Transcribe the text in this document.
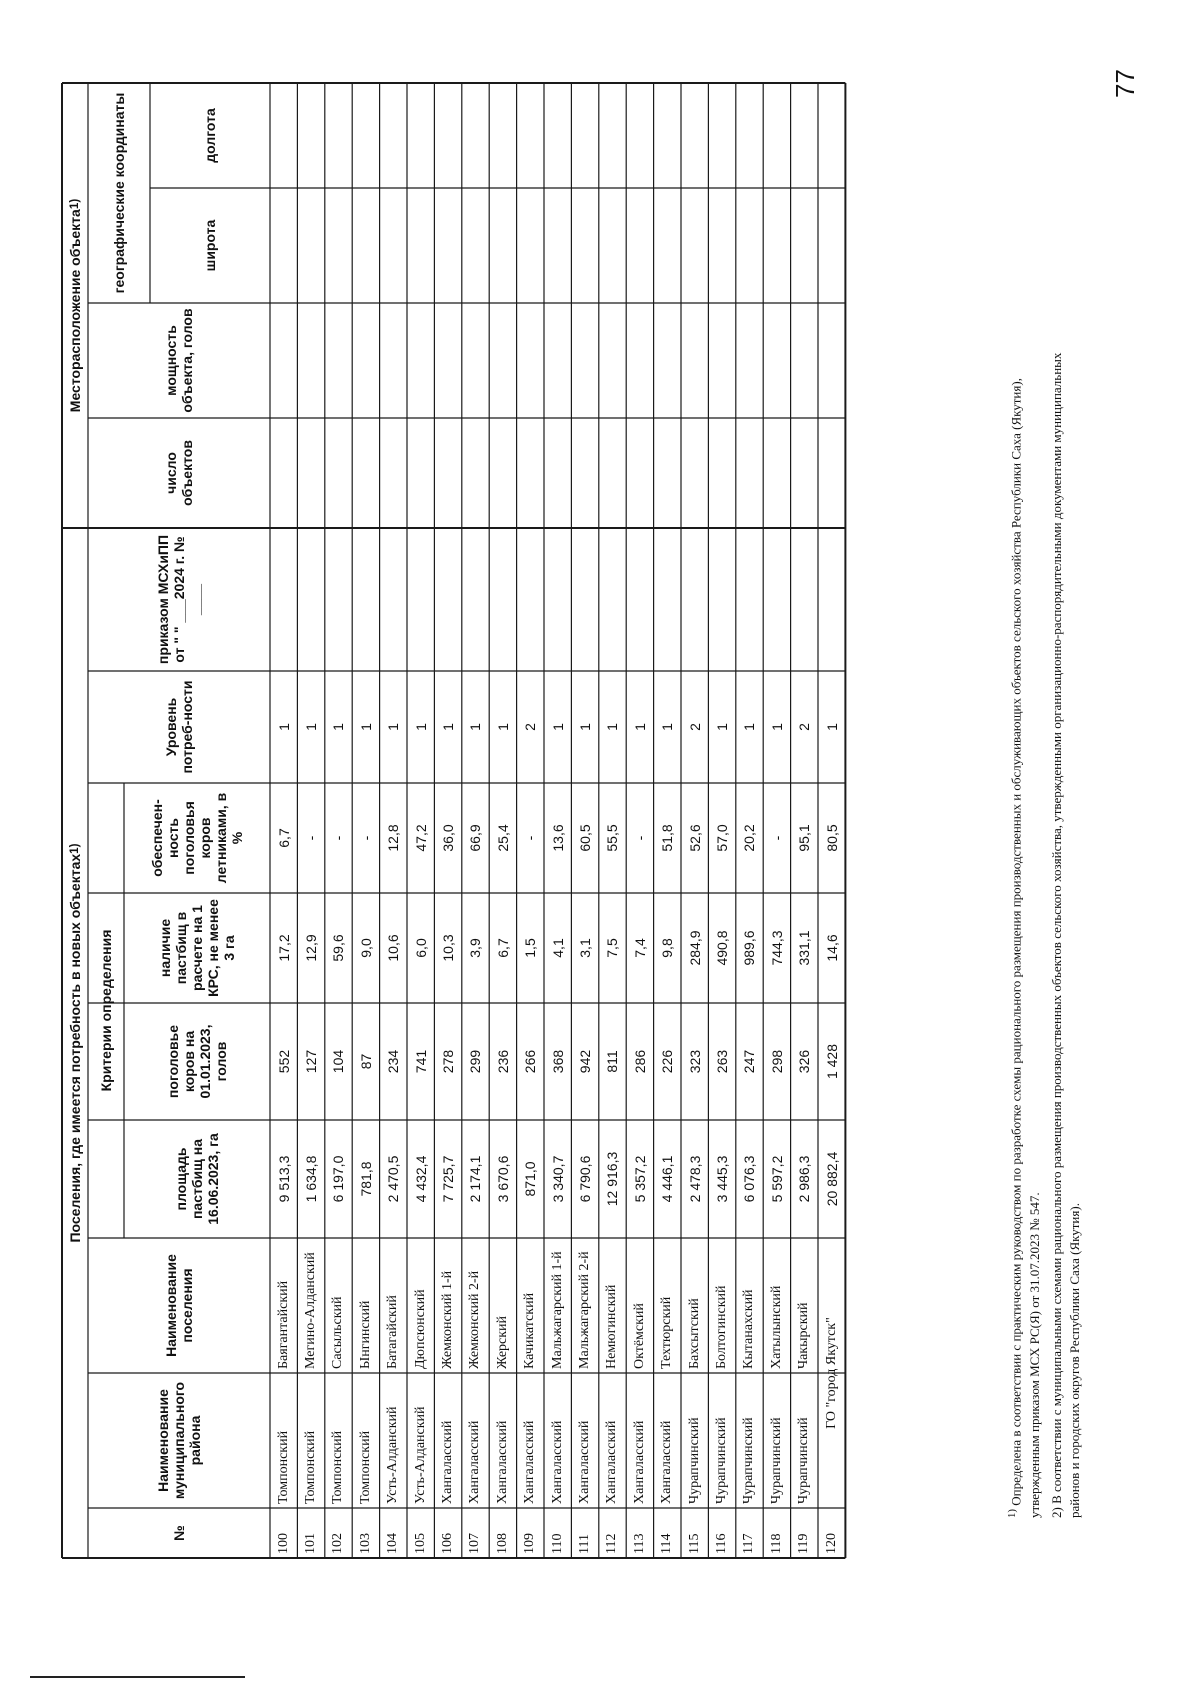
Поселения, где имеется потребность в новых объектах
1)
Месторасположение объекта
1)
№
Наименование муниципального района
Наименование поселения
Критерии определения
площадь пастбищ на 16.06.2023, га
поголовье коров на 01.01.2023, голов
наличие пастбищ в расчете на 1 КРС, не менее 3 га
обеспечен-ность поголовья коров летниками, в %
Уровень потреб-ности
приказом МСХиПП от " " ___2024 г. № ____
число объектов
мощность объекта, голов
географические координаты	широта
долгота
100
Томпонский
Баягантайский
9 513,3
552
17,2
6,7
1
101
Томпонский
Мегино-Алданский
1 634,8
127
12,9
-
1
102
Томпонский
Сасыльский
6 197,0
104
59,6
-
1
103
Томпонский
Ынгинский
781,8
87
9,0
-
1
104
Усть-Алданский
Батагайский
2 470,5
234
10,6
12,8
1
105
Усть-Алданский
Дюпсюнский
4 432,4
741
6,0
47,2
1
106
Хангаласский
Жемконский 1-й
7 725,7
278
10,3
36,0
1
107
Хангаласский
Жемконский 2-й
2 174,1
299
3,9
66,9
1
108
Хангаласский
Жерский
3 670,6
236
6,7
25,4
1
109
Хангаласский
Качикатский
871,0
266
1,5
-
2
110
Хангаласский
Мальжагарский 1-й
3 340,7
368
4,1
13,6
1
111
Хангаласский
Мальжагарский 2-й
6 790,6
942
3,1
60,5
1
112
Хангаласский
Немюгинский
12 916,3
811
7,5
55,5
1
113
Хангаласский
Октёмский
5 357,2
286
7,4
-
1
114
Хангаласский
Техтюрский
4 446,1
226
9,8
51,8
1
115
Чурапчинский
Бахсытский
2 478,3
323
284,9
52,6
2
116
Чурапчинский
Болтогинский
3 445,3
263
490,8
57,0
1
117
Чурапчинский
Кытанахский
6 076,3
247
989,6
20,2
1
118
Чурапчинский
Хатылынский
5 597,2
298
744,3
-
1
119
Чурапчинский
Чакырский
2 986,3
326
331,1
95,1
2
120
ГО "город Якутск"
20 882,4
1 428
14,6
80,5
1
$^{1)}$ Определена в соответствии с практическим руководством по разработке схемы рационального размещения производственных и обслуживающих объектов сельского хозяйства Республики Саха (Якутия), утвержденным приказом МСХ РС(Я) от 31.07.2023 № 547. 2) В соответствии с муниципальными схемами рационального размещения производственных объектов сельского хозяйства, утвержденными организационно-распорядительными документами муниципальных районов и городских округов Республики Саха (Якутия).
77
